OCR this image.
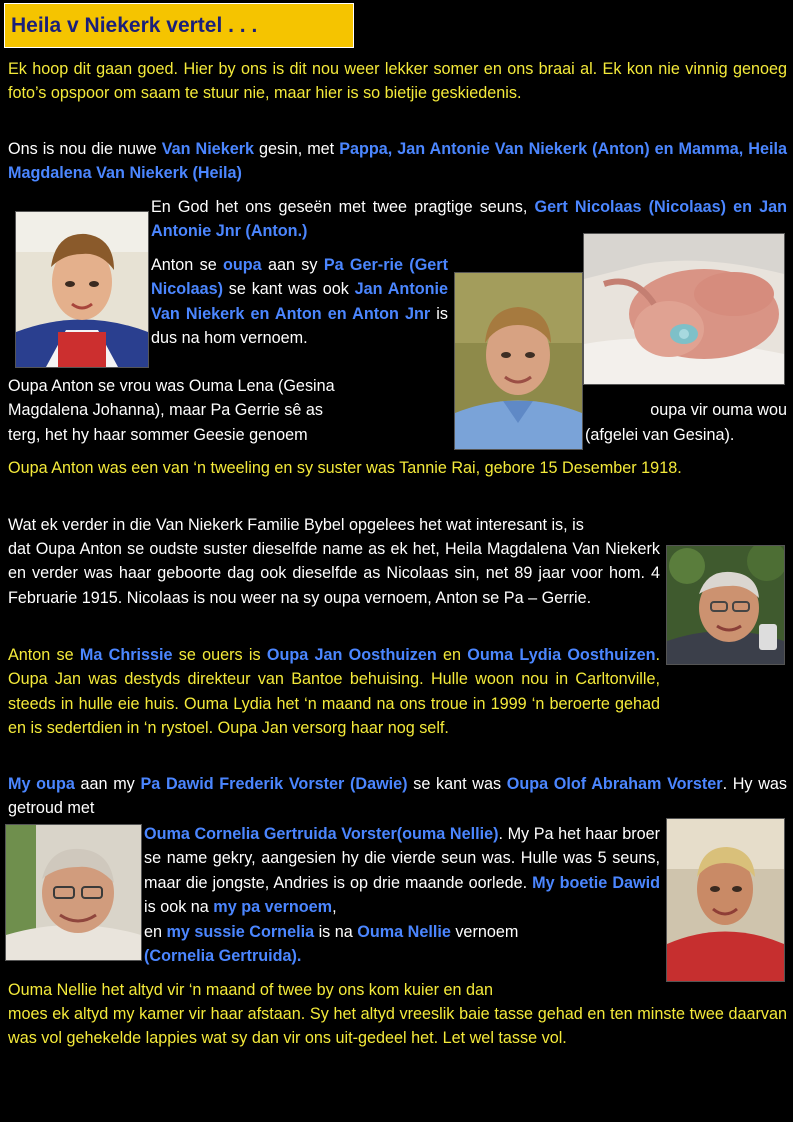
Heila v Niekerk vertel . . .

Ek hoop dit gaan goed. Hier by ons is dit nou weer lekker somer en ons braai al. Ek kon nie vinnig genoeg foto’s opspoor om saam te stuur nie, maar hier is so bietjie geskiedenis.

Ons is nou die nuwe Van Niekerk gesin, met Pappa, Jan Antonie Van Niekerk (Anton) en Mamma, Heila Magdalena Van Niekerk (Heila)

En God het ons geseën met twee pragtige seuns, Gert Nicolaas (Nicolaas) en Jan Antonie Jnr (Anton.)

Anton se oupa aan sy Pa Ger-rie (Gert Nicolaas) se kant was ook Jan Antonie Van Niekerk en Anton en Anton Jnr is dus na hom vernoem.

Oupa Anton se vrou was Ouma Lena (Gesina

Magdalena Johanna), maar Pa Gerrie sê as

terg, het hy haar sommer Geesie genoem

oupa vir ouma wou

(afgelei van Gesina).

Oupa Anton was een van ‘n tweeling en sy suster was Tannie Rai, gebore 15 Desember 1918.

Wat ek verder in die Van Niekerk Familie Bybel opgelees het wat interesant is, is

dat Oupa Anton se oudste suster dieselfde name as ek het, Heila Magdalena Van Niekerk en verder was haar geboorte dag ook dieselfde as Nicolaas sin, net 89 jaar voor hom. 4 Februarie 1915. Nicolaas is nou weer na sy oupa vernoem, Anton se Pa – Gerrie.

Anton se Ma Chrissie se ouers is Oupa Jan Oosthuizen en Ouma Lydia Oosthuizen. Oupa Jan was destyds direkteur van Bantoe behuising. Hulle woon nou in Carltonville, steeds in hulle eie huis. Ouma Lydia het ‘n maand na ons troue in 1999 ‘n beroerte gehad en is sedertdien in ‘n rystoel. Oupa Jan versorg haar nog self.

My oupa aan my Pa Dawid Frederik Vorster (Dawie) se kant was Oupa Olof Abraham Vorster. Hy was getroud met

Ouma Cornelia Gertruida Vorster(ouma Nellie). My Pa het haar broer se name gekry, aangesien hy die vierde seun was. Hulle was 5 seuns, maar die jongste, Andries is op drie maande oorlede. My boetie Dawid is ook na my pa vernoem,

en my sussie Cornelia is na Ouma Nellie vernoem

(Cornelia Gertruida).

Ouma Nellie het altyd vir ‘n maand of twee by ons kom kuier en dan

moes ek altyd my kamer vir haar afstaan. Sy het altyd vreeslik baie tasse gehad en ten minste twee daarvan was vol gehekelde lappies wat sy dan vir ons uit-gedeel het. Let wel tasse vol.
